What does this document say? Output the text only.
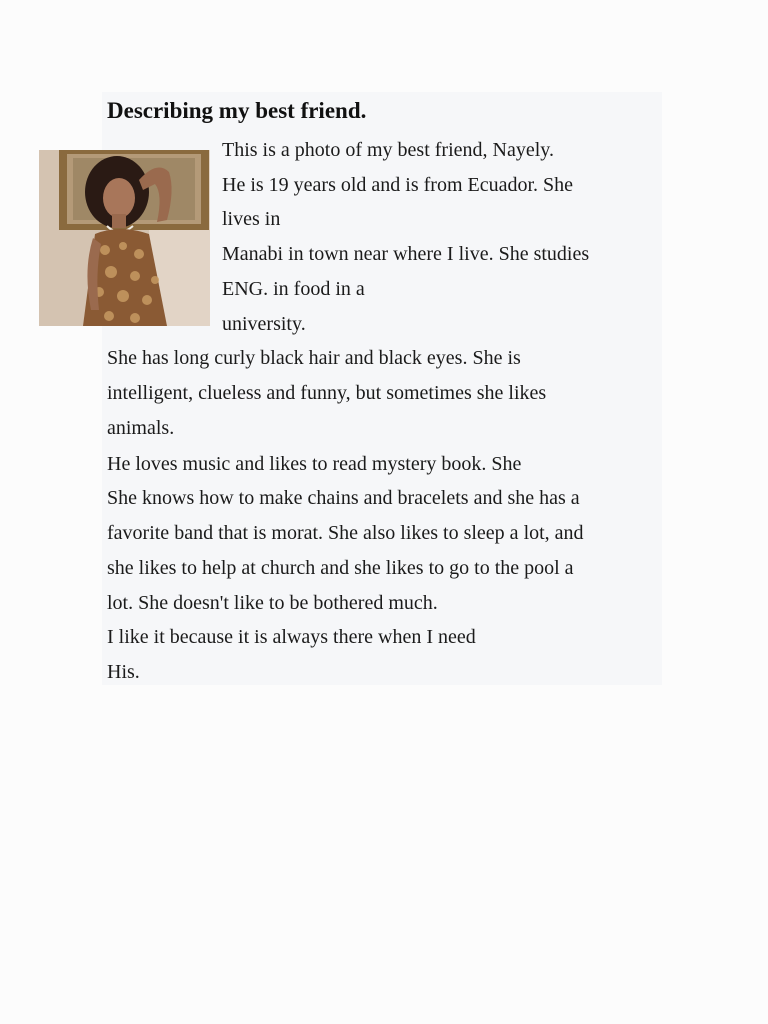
Describing my best friend.

This is a photo of my best friend, Nayely.

He is 19 years old and is from Ecuador. She

lives in

Manabi in town near where I live. She studies

ENG. in food in a

university.

She has long curly black hair and black eyes. She is

intelligent, clueless and funny, but sometimes she likes

animals.

He loves music and likes to read mystery book. She

She knows how to make chains and bracelets and she has a

favorite band that is morat. She also likes to sleep a lot, and

she likes to help at church and she likes to go to the pool a

lot. She doesn't like to be bothered much.

I like it because it is always there when I need

His.
